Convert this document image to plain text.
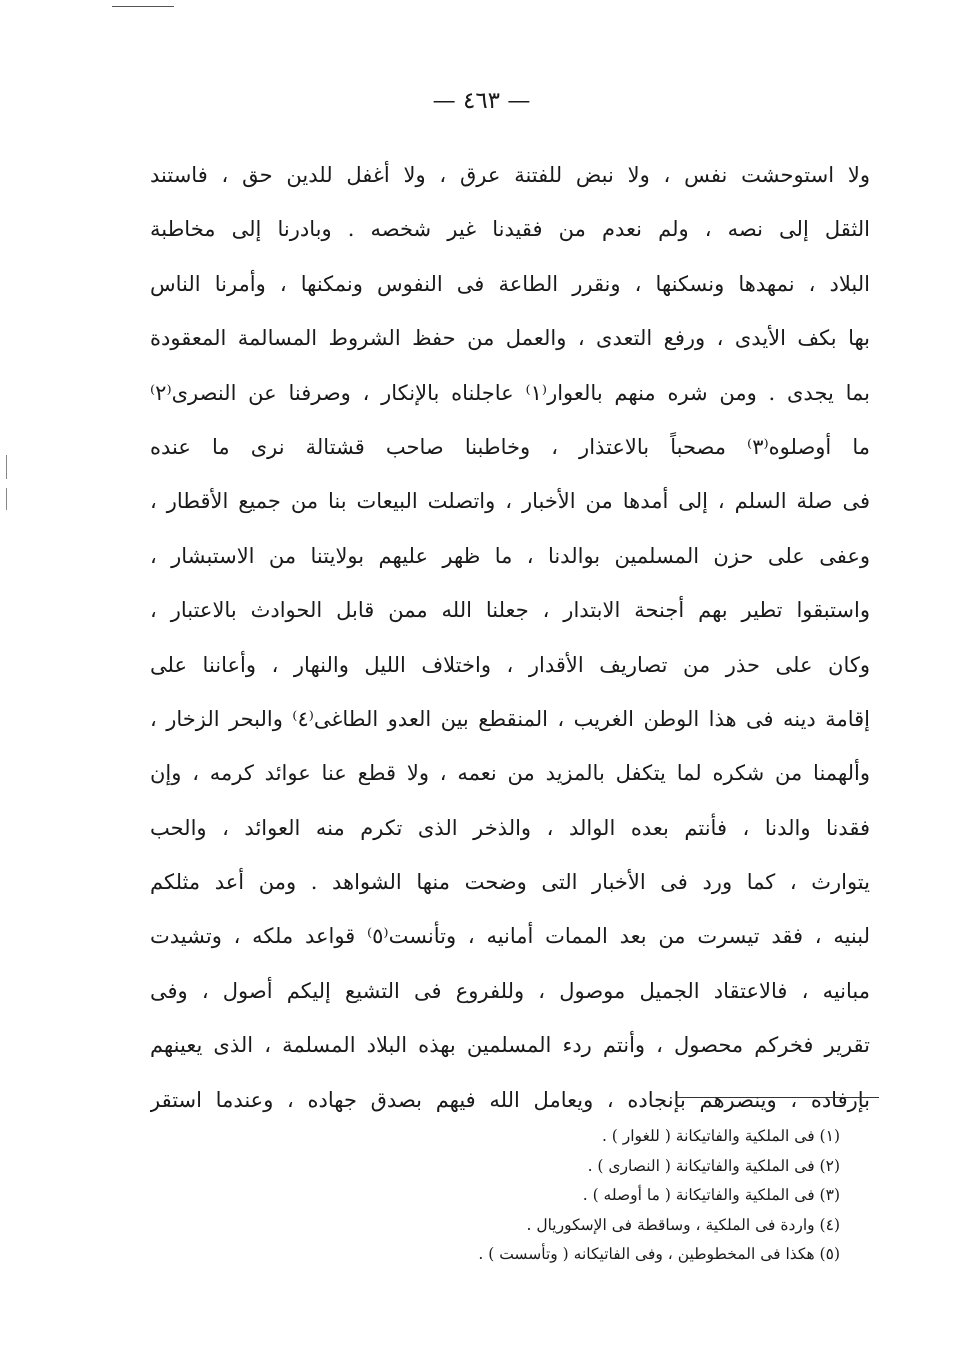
— ٤٦٣ —
ولا استوحشت نفس ، ولا نبض للفتنة عرق ، ولا أغفل للدين حق ، فاستند
الثقل إلى نصه ، ولم نعدم من فقيدنا غير شخصه . وبادرنا إلى مخاطبة
البلاد ، نمهدها ونسكنها ، ونقرر الطاعة فى النفوس ونمكنها ، وأمرنا الناس
بها بكف الأيدى ، ورفع التعدى ، والعمل من حفظ الشروط المسالمة المعقودة
بما يجدى . ومن شره منهم بالعوار⁽١⁾ عاجلناه بالإنكار ، وصرفنا عن النصرى⁽٢⁾
ما أوصلوه⁽٣⁾ مصحباً بالاعتذار ، وخاطبنا صاحب قشتالة نرى ما عنده
فى صلة السلم ، إلى أمدها من الأخبار ، واتصلت البيعات بنا من جميع الأقطار ،
وعفى على حزن المسلمين بوالدنا ، ما ظهر عليهم بولايتنا من الاستبشار ،
واستبقوا تطير بهم أجنحة الابتدار ، جعلنا الله ممن قابل الحوادث بالاعتبار ،
وكان على حذر من تصاريف الأقدار ، واختلاف الليل والنهار ، وأعاننا على
إقامة دينه فى هذا الوطن الغريب ، المنقطع بين العدو الطاغى⁽٤⁾ والبحر الزخار ،
وألهمنا من شكره لما يتكفل بالمزيد من نعمه ، ولا قطع عنا عوائد كرمه ، وإن
فقدنا والدنا ، فأنتم بعده الوالد ، والذخر الذى تكرم منه العوائد ، والحب
يتوارث ، كما ورد فى الأخبار التى وضحت منها الشواهد . ومن أعد مثلكم
لبنيه ، فقد تيسرت من بعد الممات أمانيه ، وتأنست⁽٥⁾ قواعد ملكه ، وتشيدت
مبانيه ، فالاعتقاد الجميل موصول ، وللفروع فى التشيع إليكم أصول ، وفى
تقرير فخركم محصول ، وأنتم ردء المسلمين بهذه البلاد المسلمة ، الذى يعينهم
بإرفاده ، وينصرهم بإنجاده ، ويعامل الله فيهم بصدق جهاده ، وعندما استقر
(١) فى الملكية والفاتيكانة ( للغوار ) .
(٢) فى الملكية والفاتيكانة ( النصارى ) .
(٣) فى الملكية والفاتيكانة ( ما أوصله ) .
(٤) واردة فى الملكية ، وساقطة فى الإسكوريال .
(٥) هكذا فى المخطوطين ، وفى الفاتيكانه ( وتأسست ) .
